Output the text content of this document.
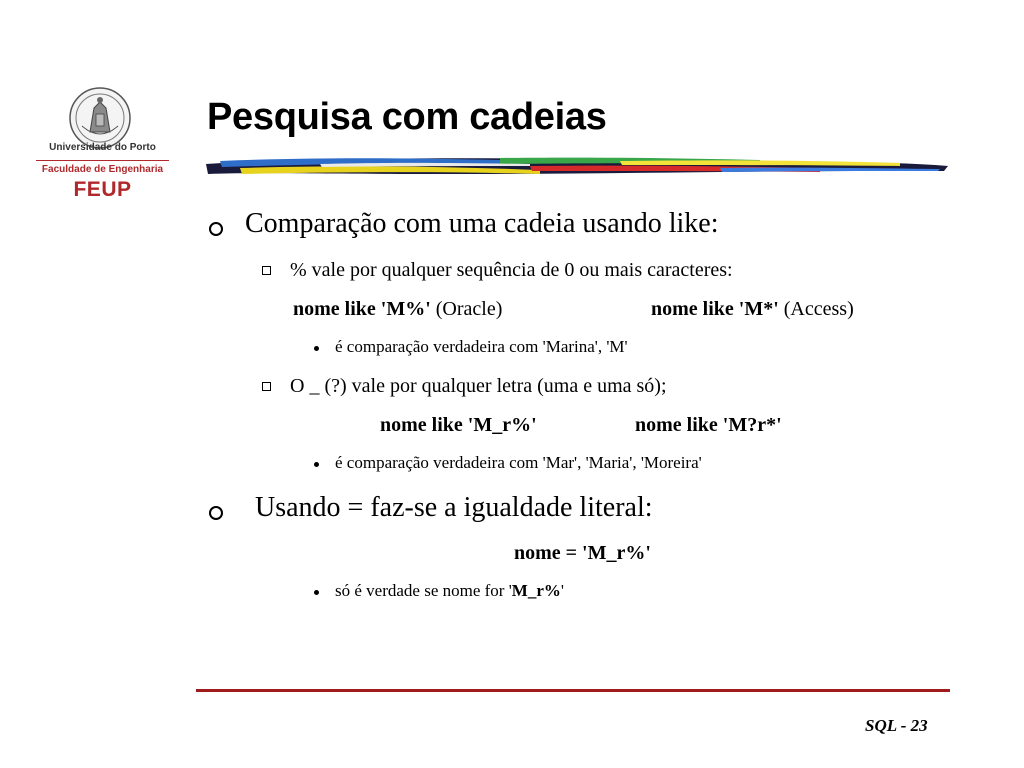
Universidade do Porto
Faculdade de Engenharia
FEUP
Pesquisa com cadeias
Comparação com uma cadeia usando like:
% vale por qualquer sequência de 0 ou mais caracteres:
nome like 'M%' (Oracle)	nome like 'M*' (Access)
é comparação verdadeira com 'Marina', 'M'
O _ (?) vale por qualquer letra (uma e uma só);
nome like 'M_r%'	nome like 'M?r*'
é comparação verdadeira com 'Mar', 'Maria', 'Moreira'
Usando = faz-se a igualdade literal:
nome = 'M_r%'
só é verdade se nome for 'M_r%'
SQL - 23
